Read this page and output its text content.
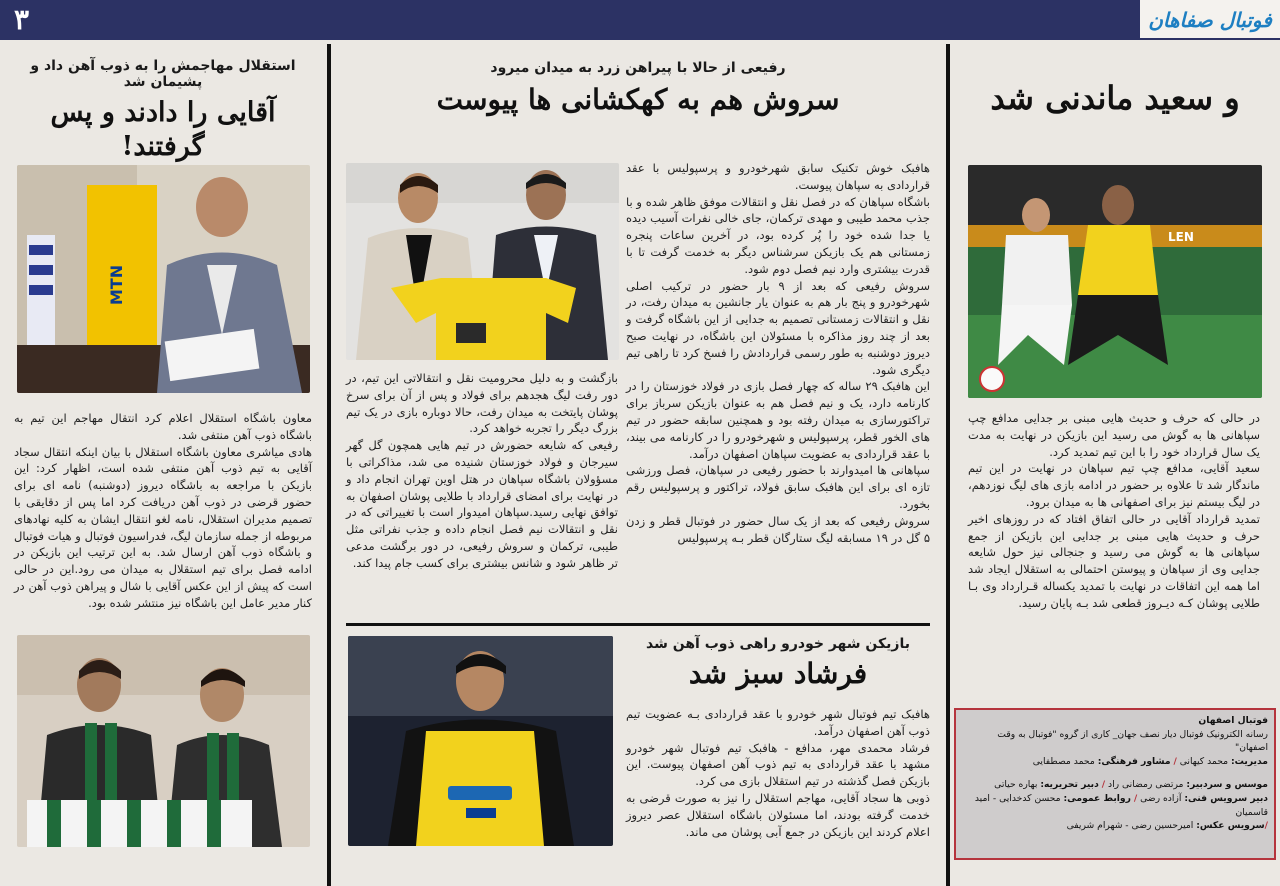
۳	فوتبال صفاهان
استقلال مهاجمش را به ذوب آهن داد و پشیمان شد
آقایی را دادند و پس گرفتند!
MTN
معاون باشگاه استقلال اعلام کرد انتقال مهاجم این تیم به باشگاه ذوب آهن منتفی شد.
هادی میاشری معاون باشگاه استقلال با بیان اینکه انتقال سجاد آقایی به تیم ذوب آهن منتفی شده است، اظهار کرد: این بازیکن با مراجعه به باشگاه دیروز (دوشنبه) نامه ای برای حضور قرضی در ذوب آهن دریافت کرد اما پس از دقایقی با تصمیم مدیران استقلال، نامه لغو انتقال ایشان به کلیه نهادهای مربوطه از جمله سازمان لیگ، فدراسیون فوتبال و هیات فوتبال و باشگاه ذوب آهن ارسال شد. به این ترتیب این بازیکن در ادامه فصل برای تیم استقلال به میدان می رود.این در حالی است که پیش از این عکس آقایی با شال و پیراهن ذوب آهن در کنار مدیر عامل این باشگاه نیز منتشر شده بود.
رفیعی از حالا با پیراهن زرد به میدان میرود
سروش هم به کهکشانی ها پیوست
هافبک خوش تکنیک سابق شهرخودرو و پرسپولیس با عقد قراردادی به سپاهان پیوست.
باشگاه سپاهان که در فصل نقل و انتقالات موفق ظاهر شده و با جذب محمد طیبی و مهدی ترکمان، جای خالی نفرات آسیب دیده یا جدا شده خود را پُر کرده بود، در آخرین ساعات پنجره زمستانی هم یک بازیکن سرشناس دیگر به خدمت گرفت تا با قدرت بیشتری وارد نیم فصل دوم شود.
سروش رفیعی که بعد از ۹ بار حضور در ترکیب اصلی شهرخودرو و پنج بار هم به عنوان یار جانشین به میدان رفت، در نقل و انتقالات زمستانی تصمیم به جدایی از این باشگاه گرفت و بعد از چند روز مذاکره با مسئولان این باشگاه، در نهایت صبح دیروز دوشنبه به طور رسمی قراردادش را فسخ کرد تا راهی تیم دیگری شود.
این هافبک ۲۹ ساله که چهار فصل بازی در فولاد خوزستان را در کارنامه دارد، یک و نیم فصل هم به عنوان بازیکن سرباز برای تراکتورسازی به میدان رفته بود و همچنین سابقه حضور در تیم های الخور قطر، پرسپولیس و شهرخودرو را در کارنامه می بیند، با عقد قراردادی به عضویت سپاهان اصفهان درآمد.
سپاهانی ها امیدوارند با حضور رفیعی در سپاهان، فصل ورزشی تازه ای برای این هافبک سابق فولاد، تراکتور و پرسپولیس رقم بخورد.
سروش رفیعی که بعد از یک سال حضور در فوتبال قطر و زدن ۵ گل در ۱۹ مسابقه لیگ ستارگان قطر بـه پرسپولیس
بازگشت و به دلیل محرومیت نقل و انتقالاتی این تیم، در دور رفت لیگ هجدهم برای فولاد و پس از آن برای سرخ پوشان پایتخت به میدان رفت، حالا دوباره بازی در یک تیم بزرگ دیگر را تجربه خواهد کرد.
رفیعی که شایعه حضورش در تیم هایی همچون گل گهر سیرجان و فولاد خوزستان شنیده می شد، مذاکراتی با مسؤولان باشگاه سپاهان در هتل اوین تهران انجام داد و در نهایت برای امضای قرارداد با طلایی پوشان اصفهان به توافق نهایی رسید.سپاهان امیدوار است با تغییراتی که در نقل و انتقالات نیم فصل انجام داده و جذب نفراتی مثل طیبی، ترکمان و سروش رفیعی، در دور برگشت مدعی تر ظاهر شود و شانس بیشتری برای کسب جام پیدا کند.
بازیکن شهر خودرو راهی ذوب آهن شد
فرشاد سبز شد
هافبک تیم فوتبال شهر خودرو با عقد قراردادی بـه عضویت تیم ذوب آهن اصفهان درآمد.
فرشاد محمدی مهر، مدافع - هافبک تیم فوتبال شهر خودرو مشهد با عقد قراردادی به تیم ذوب آهن اصفهان پیوست. این بازیکن فصل گذشته در تیم استقلال بازی می کرد.
ذوبی ها سجاد آقایی، مهاجم استقلال را نیز به صورت قرضی به خدمت گرفته بودند، اما مسئولان باشگاه استقلال عصر دیروز اعلام کردند این بازیکن در جمع آبی پوشان می ماند.
و سعید ماندنی شد
LEN
در حالی که حرف و حدیث هایی مبنی بر جدایی مدافع چپ سپاهانی ها به گوش می رسید این بازیکن در نهایت به مدت یک سال قرارداد خود را با این تیم تمدید کرد.
سعید آقایی، مدافع چپ تیم سپاهان در نهایت در این تیم ماندگار شد تا علاوه بر حضور در ادامه بازی های لیگ نوزدهم، در لیگ بیستم نیز برای اصفهانی ها به میدان برود.
تمدید قرارداد آقایی در حالی اتفاق افتاد که در روزهای اخیر حرف و حدیث هایی مبنی بر جدایی این بازیکن از جمع سپاهانی ها به گوش می رسید و جنجالی نیز حول شایعه جدایی وی از سپاهان و پیوستن احتمالی به استقلال ایجاد شد اما همه این اتفاقات در نهایت با تمدید یکساله قـرارداد وی بـا طلایی پوشان کـه دیـروز قطعی شد بـه پایان رسید.
فوتبال اصفهان
رسانه الکترونیک فوتبال دیار نصف جهان_ کاری از گروه "فوتبال به وقت اصفهان"
مدیریت: محمد کیهانی / مشاور فرهنگی: محمد مصطفایی
موسس و سردبیر: مرتضی رمضانی راد / دبیر تحریریه: بهاره حیاتی
دبیر سرویس فنی: آزاده رضی / روابط عمومی: محسن کدخدایی - امید قاسمیان
/سرویس عکس: امیرحسین رضی - شهرام شریفی
